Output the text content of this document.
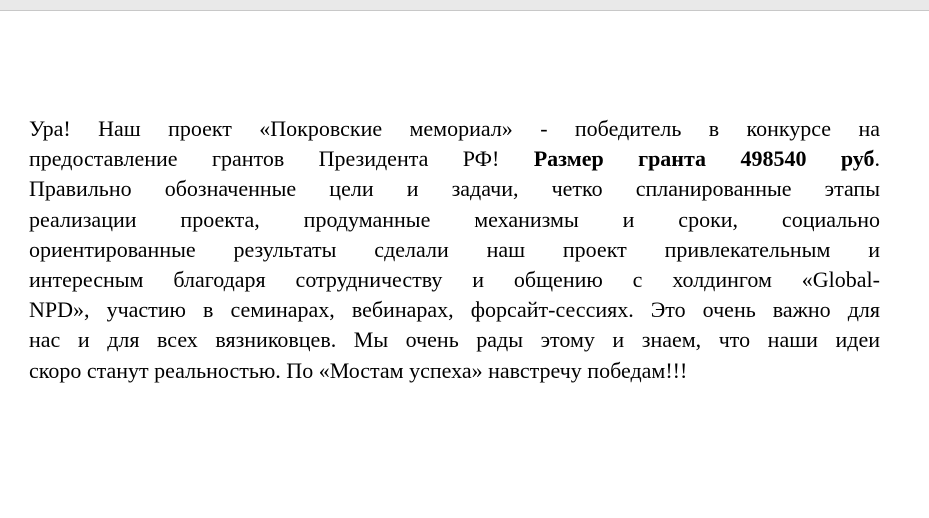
Ура! Наш проект «Покровские мемориал» - победитель в конкурсе на
предоставление грантов Президента РФ! Размер гранта 498540 руб.
Правильно обозначенные цели и задачи, четко спланированные этапы
реализации проекта, продуманные механизмы и сроки, социально
ориентированные результаты сделали наш проект привлекательным и
интересным благодаря сотрудничеству и общению с холдингом «Global-
NPD», участию в семинарах, вебинарах, форсайт-сессиях. Это очень важно для
нас и для всех вязниковцев. Мы очень рады этому и знаем, что наши идеи
скоро станут реальностью. По «Мостам успеха» навстречу победам!!!
